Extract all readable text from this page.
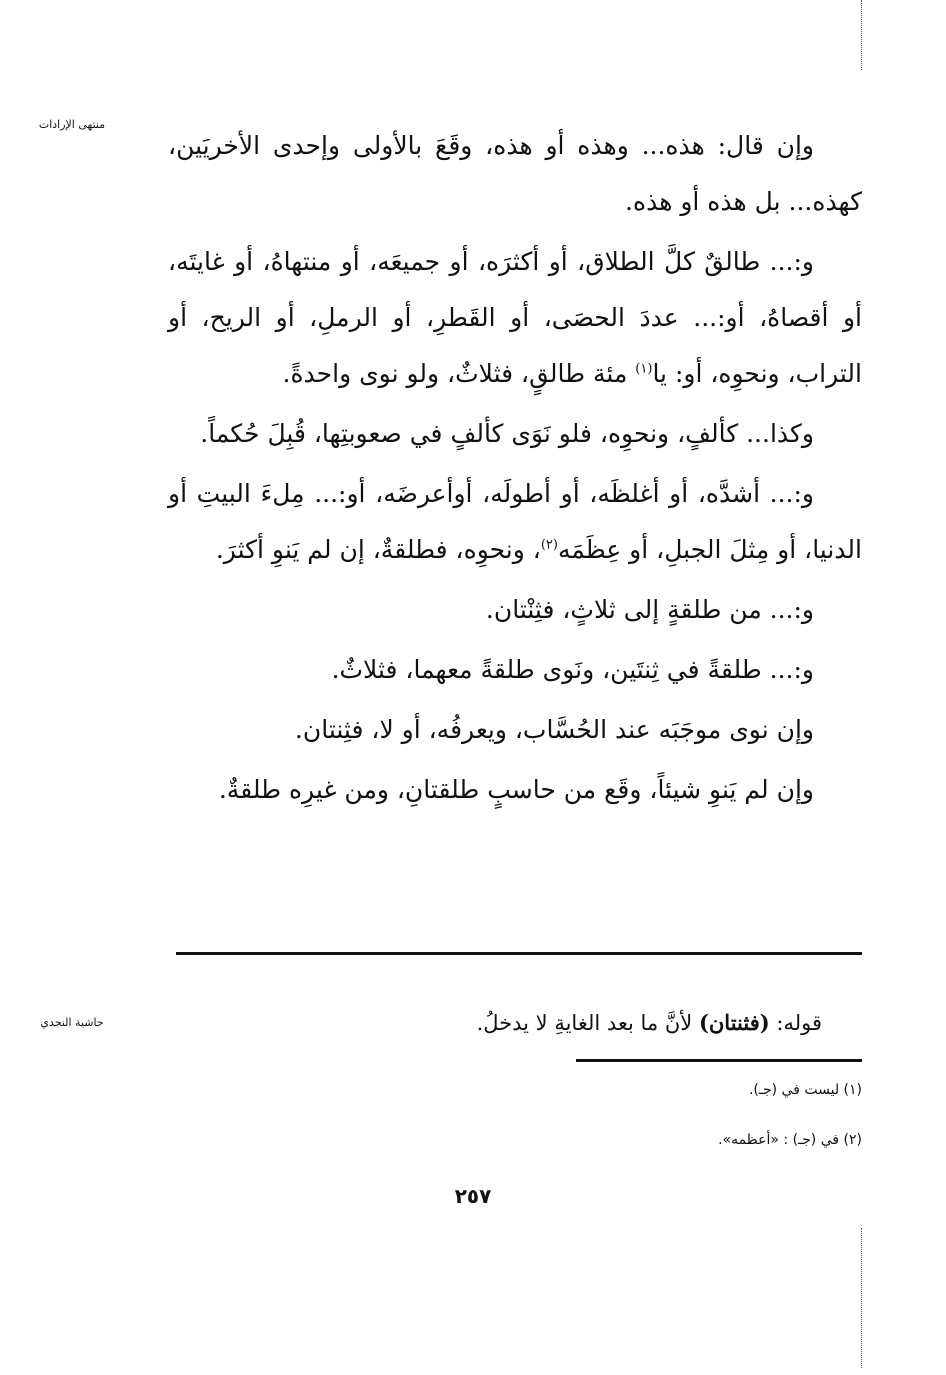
منتهى الإرادات

وإن قال: هذه... وهذه أو هذه، وقَعَ بالأولى وإحدى الأخريَين، كهذه... بل هذه أو هذه.

و:... طالقٌ كلَّ الطلاق، أو أكثرَه، أو جميعَه، أو منتهاهُ، أو غايتَه، أو أقصاهُ، أو:... عددَ الحصَى، أو القَطرِ، أو الرملِ، أو الريح، أو التراب، ونحوِه، أو: يا$^{(١)}$ مئة طالقٍ، فثلاثٌ، ولو نوى واحدةً.

وكذا... كألفٍ، ونحوِه، فلو نَوَى كألفٍ في صعوبتِها، قُبِلَ حُكماً.

و:... أشدَّه، أو أغلظَه، أو أطولَه، أوأعرضَه، أو:... مِلءَ البيتِ أو الدنيا، أو مِثلَ الجبلِ، أو عِظَمَه$^{(٢)}$، ونحوِه، فطلقةٌ، إن لم يَنوِ أكثرَ.

و:... من طلقةٍ إلى ثلاثٍ، فثِنْتان.

و:... طلقةً في ثِنتَين، ونَوى طلقةً معهما، فثلاثٌ.

وإن نوى موجَبَه عند الحُسَّاب، ويعرفُه، أو لا، فثِنتان.

وإن لم يَنوِ شيئاً، وقَع من حاسبٍ طلقتانِ، ومن غيرِه طلقةٌ.

حاشية النجدي	قوله: (فثنتان) لأنَّ ما بعد الغايةِ لا يدخلُ.
(١) ليست في (جـ).
(٢) في (جـ) : «أعظمه».
٢٥٧
